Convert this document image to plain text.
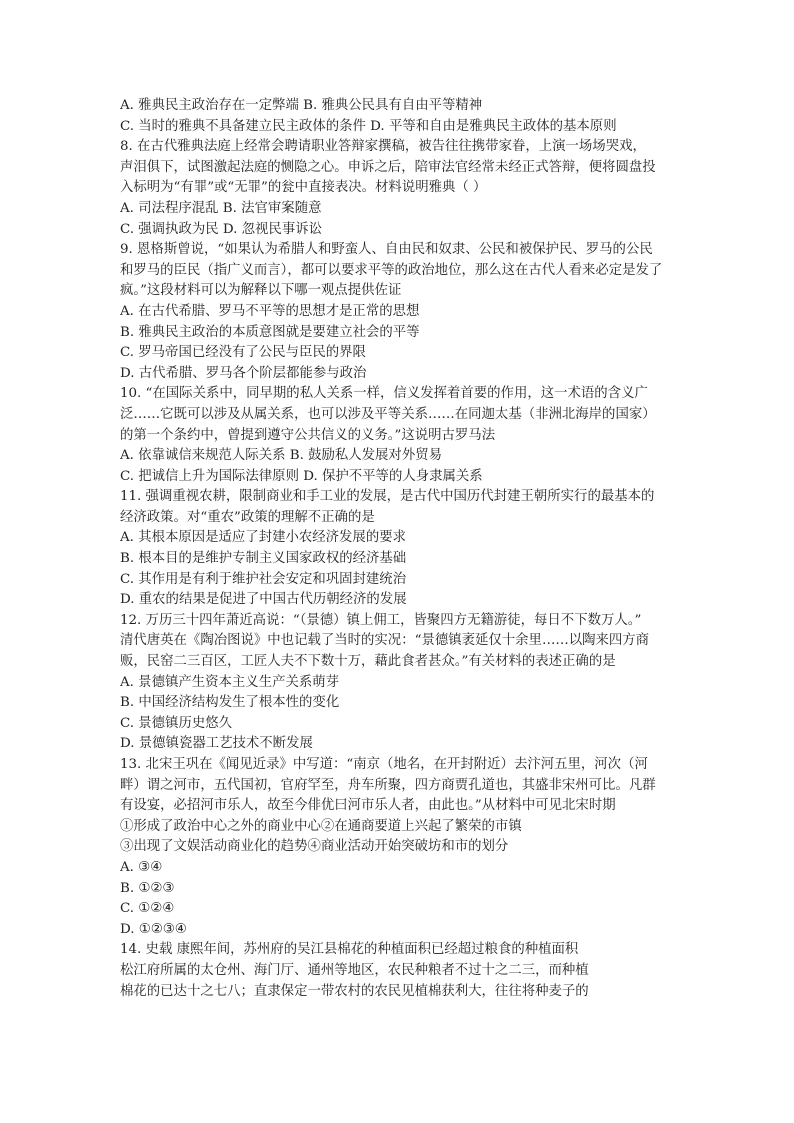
A. 雅典民主政治存在一定弊端 B. 雅典公民具有自由平等精神
C. 当时的雅典不具备建立民主政体的条件 D. 平等和自由是雅典民主政体的基本原则
8. 在古代雅典法庭上经常会聘请职业答辩家撰稿，被告往往携带家眷，上演一场场哭戏，
声泪俱下，试图激起法庭的恻隐之心。申诉之后，陪审法官经常未经正式答辩，便将圆盘投
入标明为“有罪”或“无罪”的瓮中直接表决。材料说明雅典（ ）
A. 司法程序混乱 B. 法官审案随意
C. 强调执政为民 D. 忽视民事诉讼
9. 恩格斯曾说，“如果认为希腊人和野蛮人、自由民和奴隶、公民和被保护民、罗马的公民
和罗马的臣民（指广义而言），都可以要求平等的政治地位，那么这在古代人看来必定是发了
疯。”这段材料可以为解释以下哪一观点提供佐证
A. 在古代希腊、罗马不平等的思想才是正常的思想
B. 雅典民主政治的本质意图就是要建立社会的平等
C. 罗马帝国已经没有了公民与臣民的界限
D. 古代希腊、罗马各个阶层都能参与政治
10. “在国际关系中，同早期的私人关系一样，信义发挥着首要的作用，这一术语的含义广
泛……它既可以涉及从属关系，也可以涉及平等关系……在同迦太基（非洲北海岸的国家）
的第一个条约中，曾提到遵守公共信义的义务。”这说明古罗马法
A. 依靠诚信来规范人际关系 B. 鼓励私人发展对外贸易
C. 把诚信上升为国际法律原则 D. 保护不平等的人身隶属关系
11. 强调重视农耕，限制商业和手工业的发展，是古代中国历代封建王朝所实行的最基本的
经济政策。对“重农”政策的理解不正确的是
A. 其根本原因是适应了封建小农经济发展的要求
B. 根本目的是维护专制主义国家政权的经济基础
C. 其作用是有利于维护社会安定和巩固封建统治
D. 重农的结果是促进了中国古代历朝经济的发展
12. 万历三十四年萧近高说：“（景德）镇上佣工，皆聚四方无籍游徒，每日不下数万人。”
清代唐英在《陶冶图说》中也记载了当时的实况：“景德镇袤延仅十余里……以陶来四方商
贩，民窑二三百区，工匠人夫不下数十万，藉此食者甚众。”有关材料的表述正确的是
A. 景德镇产生资本主义生产关系萌芽
B. 中国经济结构发生了根本性的变化
C. 景德镇历史悠久
D. 景德镇瓷器工艺技术不断发展
13. 北宋王巩在《闻见近录》中写道：“南京（地名，在开封附近）去汴河五里，河次（河
畔）谓之河市，五代国初，官府罕至，舟车所聚，四方商贾孔道也，其盛非宋州可比。凡群
有设宴，必招河市乐人，故至今俳优曰河市乐人者，由此也。”从材料中可见北宋时期
①形成了政治中心之外的商业中心②在通商要道上兴起了繁荣的市镇
③出现了文娱活动商业化的趋势④商业活动开始突破坊和市的划分
A. ③④
B. ①②③
C. ①②④
D. ①②③④
14. 史载 康熙年间，苏州府的吴江县棉花的种植面积已经超过粮食的种植面积
松江府所属的太仓州、海门厅、通州等地区，农民种粮者不过十之二三，而种植
棉花的已达十之七八；直隶保定一带农村的农民见植棉获利大，往往将种麦子的
